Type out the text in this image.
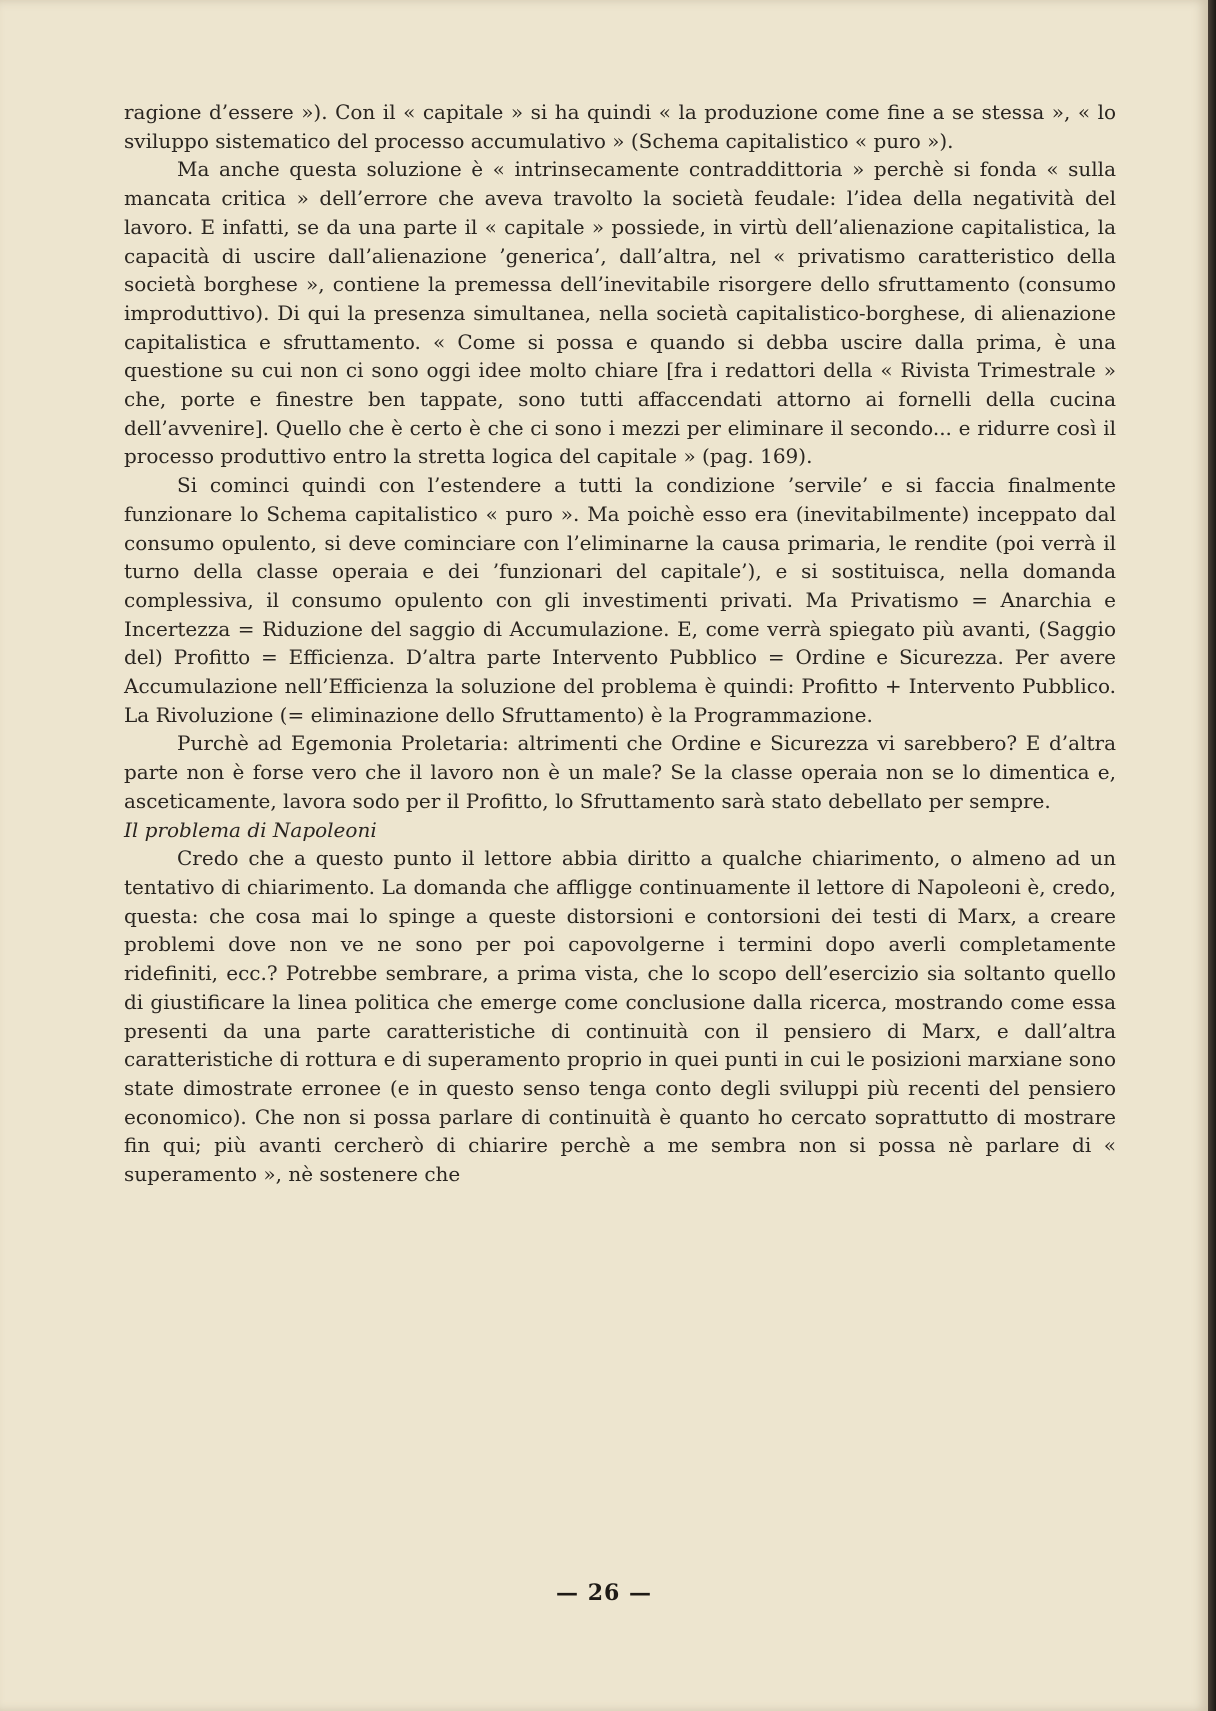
ragione d’essere »). Con il « capitale » si ha quindi « la produzione come fine a se stessa », « lo sviluppo sistematico del processo accumulativo » (Schema capitalistico « puro »).

Ma anche questa soluzione è « intrinsecamente contraddittoria » perchè si fonda « sulla mancata critica » dell’errore che aveva travolto la società feudale: l’idea della negatività del lavoro. E infatti, se da una parte il « capitale » possiede, in virtù dell’alienazione capitalistica, la capacità di uscire dall’alienazione ’generica’, dall’altra, nel « privatismo caratteristico della società borghese », contiene la premessa dell’inevitabile risorgere dello sfruttamento (consumo improduttivo). Di qui la presenza simultanea, nella società capitalistico-borghese, di alienazione capitalistica e sfruttamento. « Come si possa e quando si debba uscire dalla prima, è una questione su cui non ci sono oggi idee molto chiare [fra i redattori della « Rivista Trimestrale » che, porte e finestre ben tappate, sono tutti affaccendati attorno ai fornelli della cucina dell’avvenire]. Quello che è certo è che ci sono i mezzi per eliminare il secondo... e ridurre così il processo produttivo entro la stretta logica del capitale » (pag. 169).

Si cominci quindi con l’estendere a tutti la condizione ’servile’ e si faccia finalmente funzionare lo Schema capitalistico « puro ». Ma poichè esso era (inevitabilmente) inceppato dal consumo opulento, si deve cominciare con l’eliminarne la causa primaria, le rendite (poi verrà il turno della classe operaia e dei ’funzionari del capitale’), e si sostituisca, nella domanda complessiva, il consumo opulento con gli investimenti privati. Ma Privatismo = Anarchia e Incertezza = Riduzione del saggio di Accumulazione. E, come verrà spiegato più avanti, (Saggio del) Profitto = Efficienza. D’altra parte Intervento Pubblico = Ordine e Sicurezza. Per avere Accumulazione nell’Efficienza la soluzione del problema è quindi: Profitto + Intervento Pubblico. La Rivoluzione (= eliminazione dello Sfruttamento) è la Programmazione.

Purchè ad Egemonia Proletaria: altrimenti che Ordine e Sicurezza vi sarebbero? E d’altra parte non è forse vero che il lavoro non è un male? Se la classe operaia non se lo dimentica e, asceticamente, lavora sodo per il Profitto, lo Sfruttamento sarà stato debellato per sempre.

Il problema di Napoleoni

Credo che a questo punto il lettore abbia diritto a qualche chiarimento, o almeno ad un tentativo di chiarimento. La domanda che affligge continuamente il lettore di Napoleoni è, credo, questa: che cosa mai lo spinge a queste distorsioni e contorsioni dei testi di Marx, a creare problemi dove non ve ne sono per poi capovolgerne i termini dopo averli completamente ridefiniti, ecc.? Potrebbe sembrare, a prima vista, che lo scopo dell’esercizio sia soltanto quello di giustificare la linea politica che emerge come conclusione dalla ricerca, mostrando come essa presenti da una parte caratteristiche di continuità con il pensiero di Marx, e dall’altra caratteristiche di rottura e di superamento proprio in quei punti in cui le posizioni marxiane sono state dimostrate erronee (e in questo senso tenga conto degli sviluppi più recenti del pensiero economico). Che non si possa parlare di continuità è quanto ho cercato soprattutto di mostrare fin qui; più avanti cercherò di chiarire perchè a me sembra non si possa nè parlare di « superamento », nè sostenere che

— 26 —
